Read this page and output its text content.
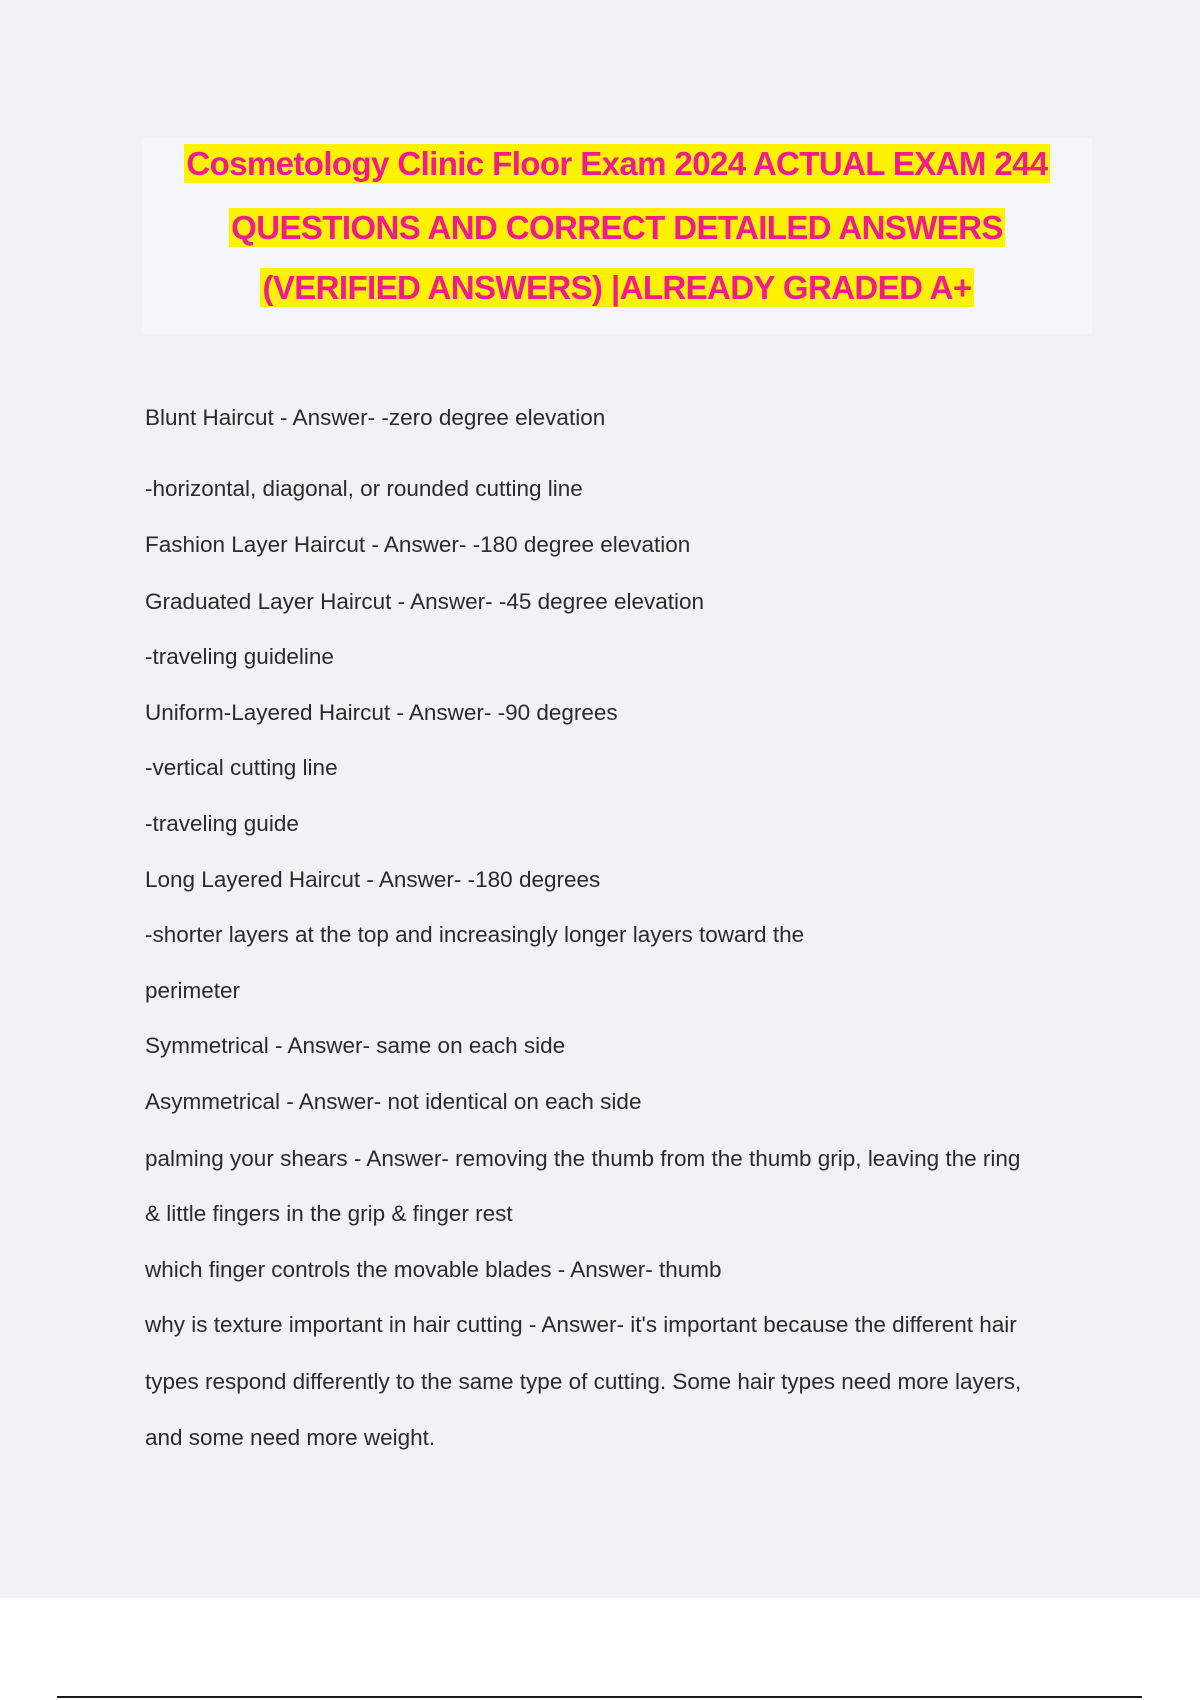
Cosmetology Clinic Floor Exam 2024 ACTUAL EXAM 244
QUESTIONS AND CORRECT DETAILED ANSWERS
(VERIFIED ANSWERS) |ALREADY GRADED A+
Blunt Haircut - Answer- -zero degree elevation
-horizontal, diagonal, or rounded cutting line
Fashion Layer Haircut - Answer- -180 degree elevation
Graduated Layer Haircut - Answer- -45 degree elevation
-traveling guideline
Uniform-Layered Haircut - Answer- -90 degrees
-vertical cutting line
-traveling guide
Long Layered Haircut - Answer- -180 degrees
-shorter layers at the top and increasingly longer layers toward the
perimeter
Symmetrical - Answer- same on each side
Asymmetrical - Answer- not identical on each side
palming your shears - Answer- removing the thumb from the thumb grip, leaving the ring
& little fingers in the grip & finger rest
which finger controls the movable blades - Answer- thumb
why is texture important in hair cutting - Answer- it's important because the different hair
types respond differently to the same type of cutting. Some hair types need more layers,
and some need more weight.
